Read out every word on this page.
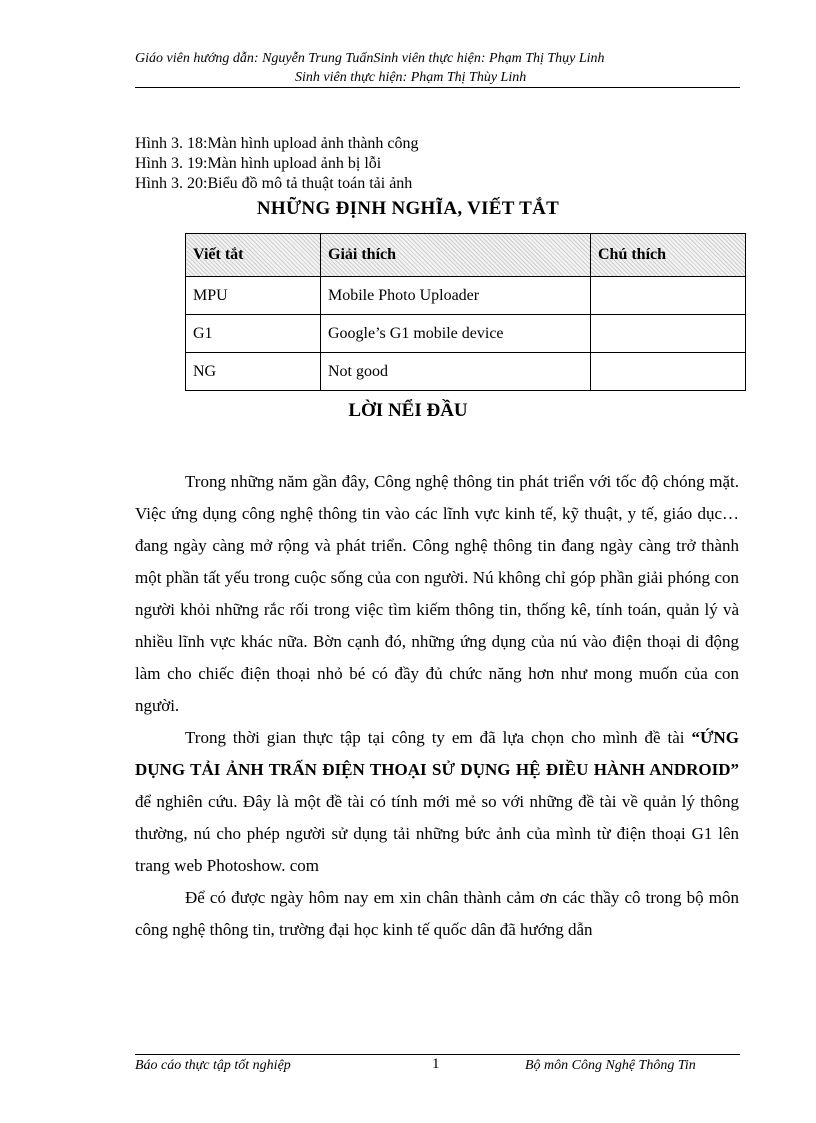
Giáo viên hướng dẫn: Nguyễn Trung TuấnSinh viên thực hiện: Phạm Thị Thụy Linh
Sinh viên thực hiện: Phạm Thị Thùy Linh
Hình 3. 18:Màn hình upload ảnh thành công
Hình 3. 19:Màn hình upload ảnh bị lỗi
Hình 3. 20:Biểu đồ mô tả thuật toán tải ảnh
NHỮNG ĐỊNH NGHĨA, VIẾT TẮT
Viết tắt	Giải thích	Chú thích
MPU	Mobile Photo Uploader	
G1	Google’s G1 mobile device	
NG	Not good	
LỜI NỂI ĐẦU

Trong những năm gần đây, Công nghệ thông tin phát triển với tốc độ chóng mặt. Việc ứng dụng công nghệ thông tin vào các lĩnh vực kinh tế, kỹ thuật, y tế, giáo dục… đang ngày càng mở rộng và phát triển. Công nghệ thông tin đang ngày càng trở thành một phần tất yếu trong cuộc sống của con người. Nú không chỉ góp phần giải phóng con người khỏi những rắc rối trong việc tìm kiếm thông tin, thống kê, tính toán, quản lý và nhiều lĩnh vực khác nữa. Bờn cạnh đó, những ứng dụng của nú vào điện thoại di động làm cho chiếc điện thoại nhỏ bé có đầy đủ chức năng hơn như mong muốn của con người.

Trong thời gian thực tập tại công ty em đã lựa chọn cho mình đề tài “ỨNG DỤNG TẢI ẢNH TRẤN ĐIỆN THOẠI SỬ DỤNG HỆ ĐIỀU HÀNH ANDROID” để nghiên cứu. Đây là một đề tài có tính mới mẻ so với những đề tài về quản lý thông thường, nú cho phép người sử dụng tải những bức ảnh của mình từ điện thoại G1 lên trang web Photoshow. com

Để có được ngày hôm nay em xin chân thành cảm ơn các thầy cô trong bộ môn công nghệ thông tin, trường đại học kinh tế quốc dân đã hướng dẫn

Báo cáo thực tập tốt nghiệp	1	Bộ môn Công Nghệ Thông Tin
